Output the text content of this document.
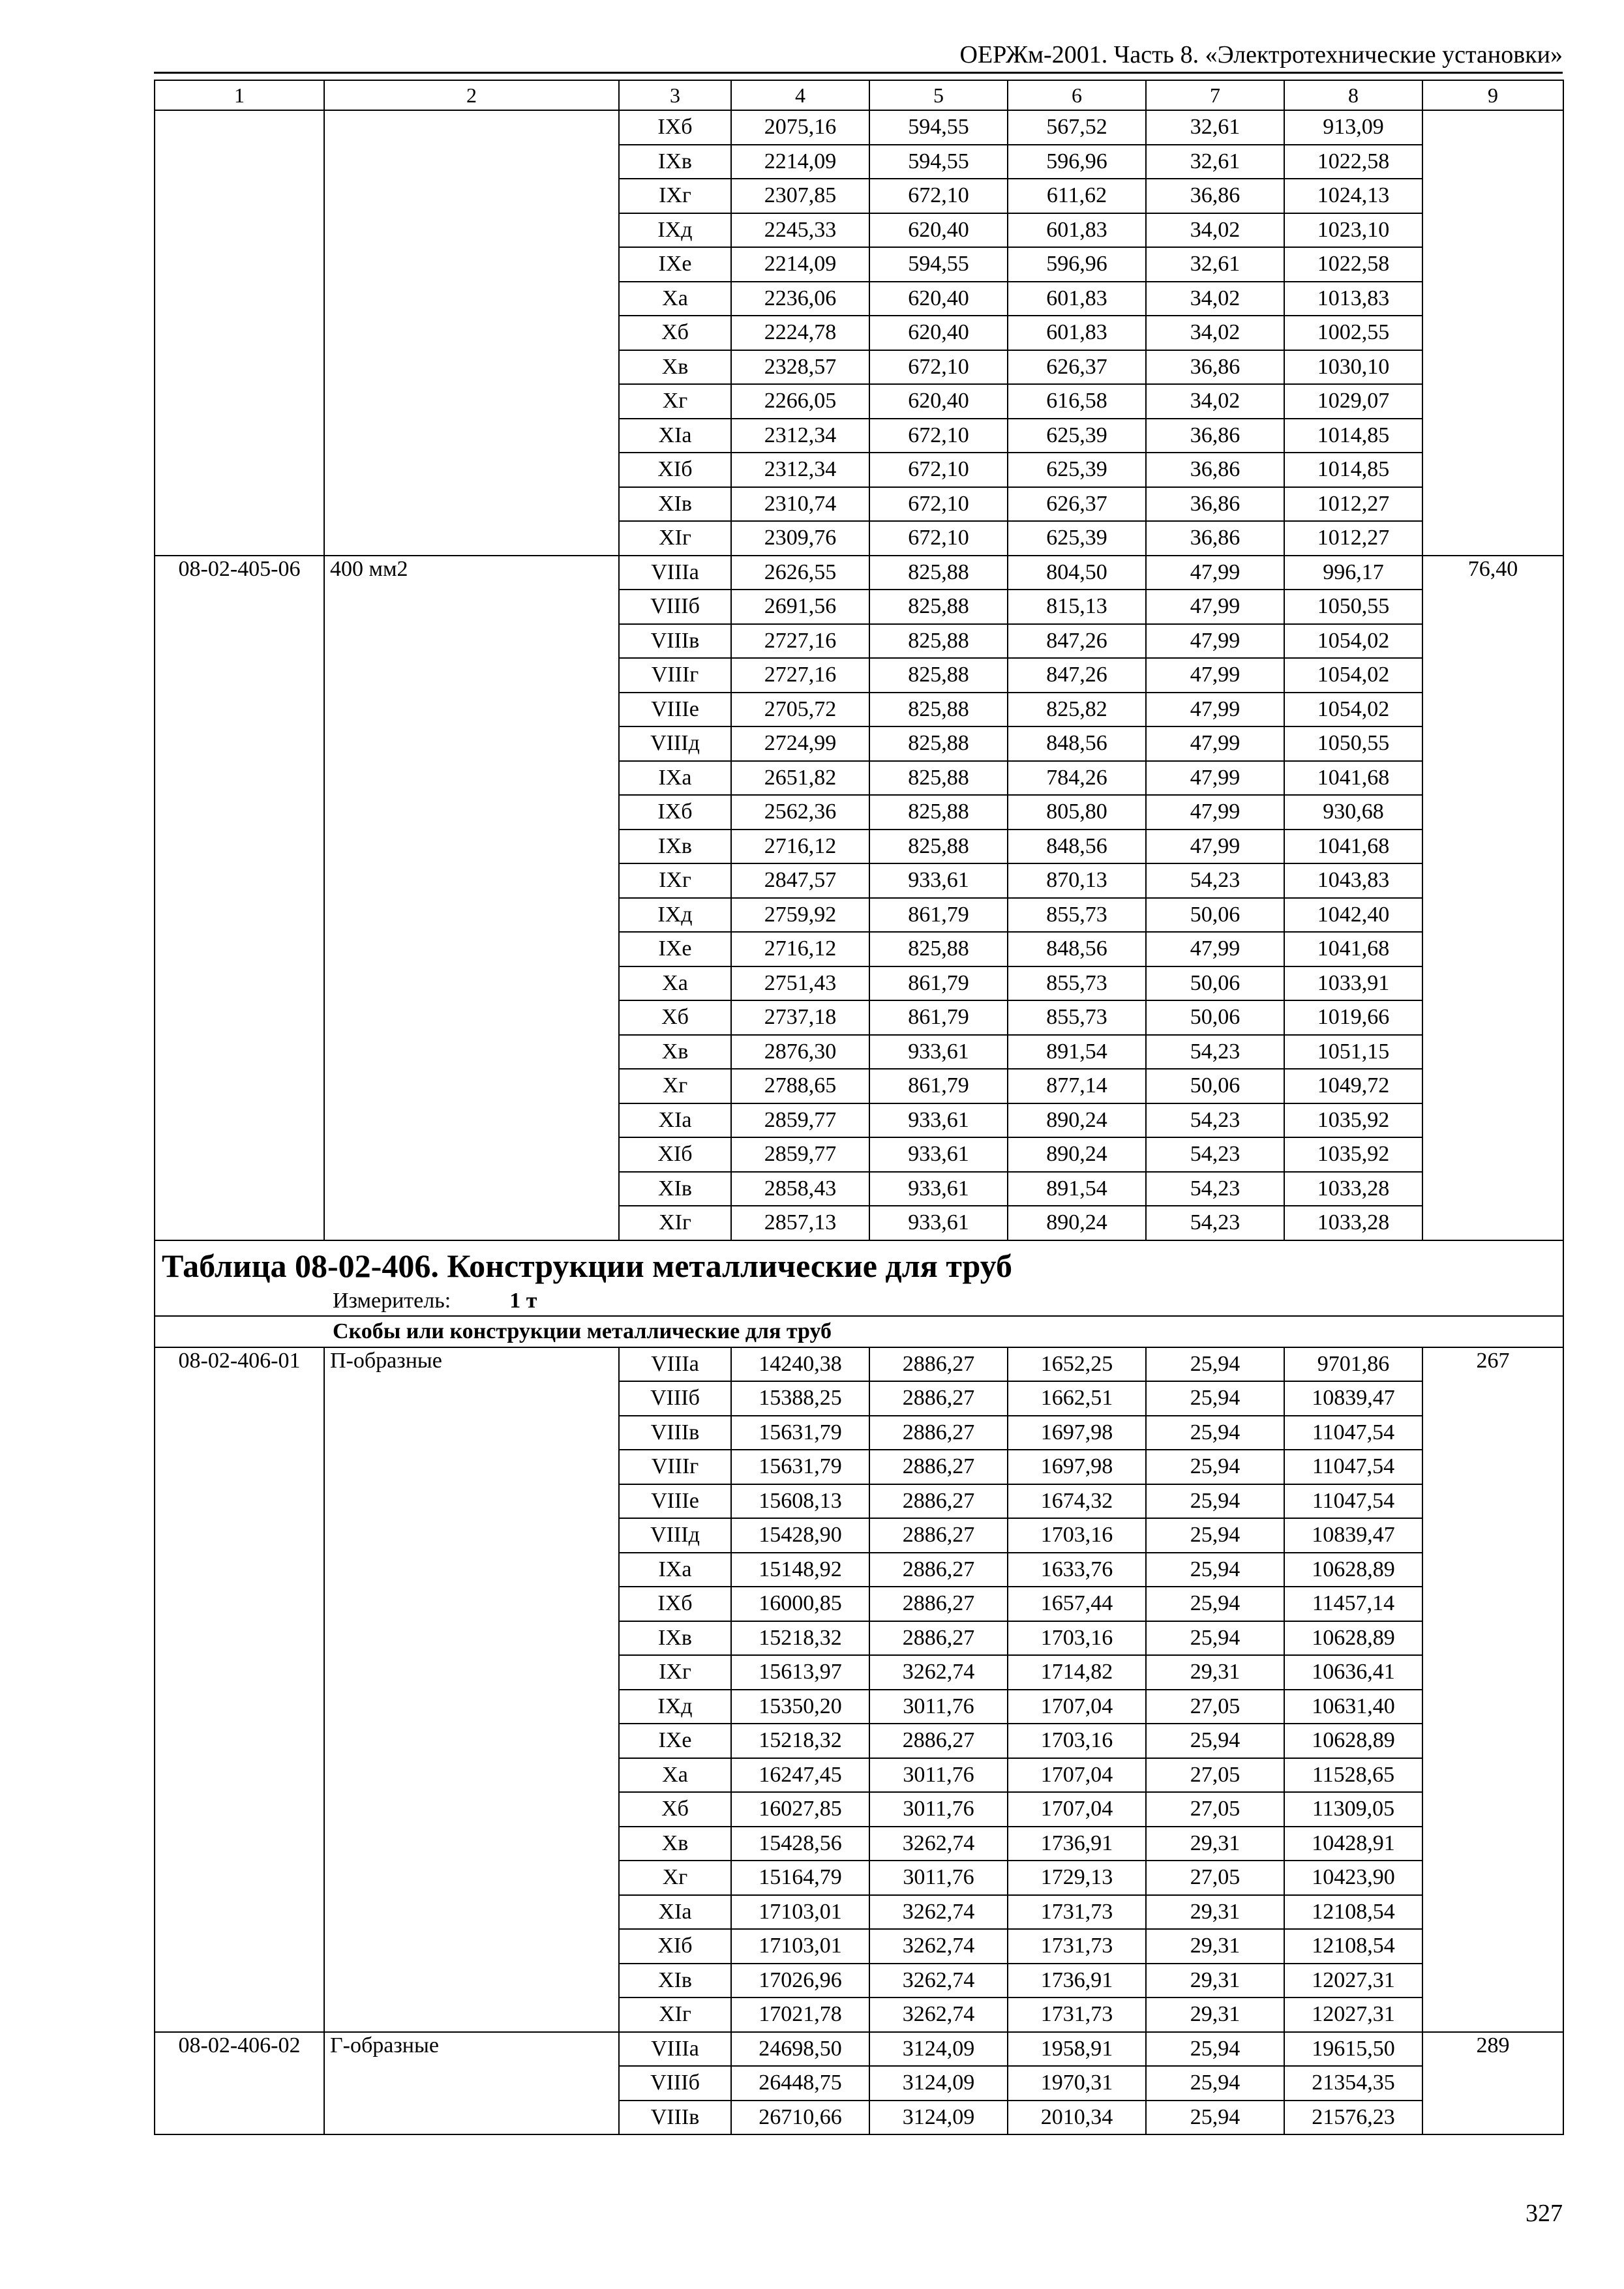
ОЕРЖм-2001. Часть 8. «Электротехнические установки»
1	2	3	4	5	6	7	8	9
		IXб	2075,16	594,55	567,52	32,61	913,09	
		IXв	2214,09	594,55	596,96	32,61	1022,58	
		IXг	2307,85	672,10	611,62	36,86	1024,13	
		IXд	2245,33	620,40	601,83	34,02	1023,10	
		IXе	2214,09	594,55	596,96	32,61	1022,58	
		Xа	2236,06	620,40	601,83	34,02	1013,83	
		Xб	2224,78	620,40	601,83	34,02	1002,55	
		Xв	2328,57	672,10	626,37	36,86	1030,10	
		Xг	2266,05	620,40	616,58	34,02	1029,07	
		XIа	2312,34	672,10	625,39	36,86	1014,85	
		XIб	2312,34	672,10	625,39	36,86	1014,85	
		XIв	2310,74	672,10	626,37	36,86	1012,27	
		XIг	2309,76	672,10	625,39	36,86	1012,27	
08-02-405-06	400 мм2	VIIIа	2626,55	825,88	804,50	47,99	996,17	76,40
		VIIIб	2691,56	825,88	815,13	47,99	1050,55	
		VIIIв	2727,16	825,88	847,26	47,99	1054,02	
		VIIIг	2727,16	825,88	847,26	47,99	1054,02	
		VIIIе	2705,72	825,88	825,82	47,99	1054,02	
		VIIIд	2724,99	825,88	848,56	47,99	1050,55	
		IXа	2651,82	825,88	784,26	47,99	1041,68	
		IXб	2562,36	825,88	805,80	47,99	930,68	
		IXв	2716,12	825,88	848,56	47,99	1041,68	
		IXг	2847,57	933,61	870,13	54,23	1043,83	
		IXд	2759,92	861,79	855,73	50,06	1042,40	
		IXе	2716,12	825,88	848,56	47,99	1041,68	
		Xа	2751,43	861,79	855,73	50,06	1033,91	
		Xб	2737,18	861,79	855,73	50,06	1019,66	
		Xв	2876,30	933,61	891,54	54,23	1051,15	
		Xг	2788,65	861,79	877,14	50,06	1049,72	
		XIа	2859,77	933,61	890,24	54,23	1035,92	
		XIб	2859,77	933,61	890,24	54,23	1035,92	
		XIв	2858,43	933,61	891,54	54,23	1033,28	
		XIг	2857,13	933,61	890,24	54,23	1033,28	
Таблица 08-02-406. Конструкции металлические для труб								
Измеритель: 1 т								
Скобы или конструкции металлические для труб								
08-02-406-01	П-образные	VIIIа	14240,38	2886,27	1652,25	25,94	9701,86	267
		VIIIб	15388,25	2886,27	1662,51	25,94	10839,47	
		VIIIв	15631,79	2886,27	1697,98	25,94	11047,54	
		VIIIг	15631,79	2886,27	1697,98	25,94	11047,54	
		VIIIе	15608,13	2886,27	1674,32	25,94	11047,54	
		VIIIд	15428,90	2886,27	1703,16	25,94	10839,47	
		IXа	15148,92	2886,27	1633,76	25,94	10628,89	
		IXб	16000,85	2886,27	1657,44	25,94	11457,14	
		IXв	15218,32	2886,27	1703,16	25,94	10628,89	
		IXг	15613,97	3262,74	1714,82	29,31	10636,41	
		IXд	15350,20	3011,76	1707,04	27,05	10631,40	
		IXе	15218,32	2886,27	1703,16	25,94	10628,89	
		Xа	16247,45	3011,76	1707,04	27,05	11528,65	
		Xб	16027,85	3011,76	1707,04	27,05	11309,05	
		Xв	15428,56	3262,74	1736,91	29,31	10428,91	
		Xг	15164,79	3011,76	1729,13	27,05	10423,90	
		XIа	17103,01	3262,74	1731,73	29,31	12108,54	
		XIб	17103,01	3262,74	1731,73	29,31	12108,54	
		XIв	17026,96	3262,74	1736,91	29,31	12027,31	
		XIг	17021,78	3262,74	1731,73	29,31	12027,31	
08-02-406-02	Г-образные	VIIIа	24698,50	3124,09	1958,91	25,94	19615,50	289
		VIIIб	26448,75	3124,09	1970,31	25,94	21354,35	
		VIIIв	26710,66	3124,09	2010,34	25,94	21576,23	
327
